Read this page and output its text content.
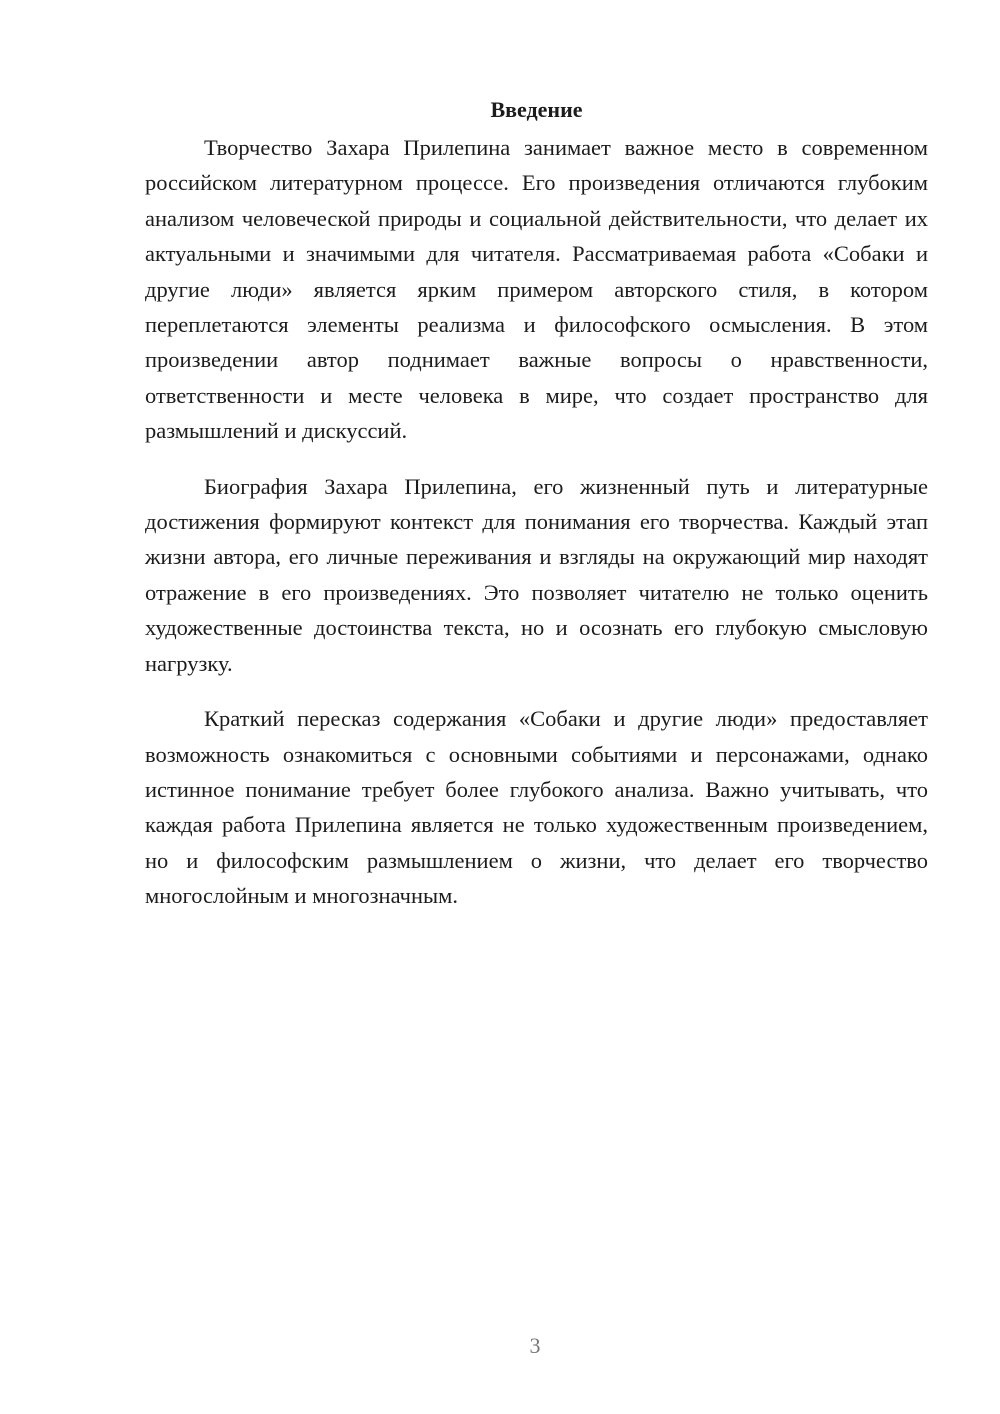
Введение

Творчество Захара Прилепина занимает важное место в современном российском литературном процессе. Его произведения отличаются глубоким анализом человеческой природы и социальной действительности, что делает их актуальными и значимыми для читателя. Рассматриваемая работа «Собаки и другие люди» является ярким примером авторского стиля, в котором переплетаются элементы реализма и философского осмысления. В этом произведении автор поднимает важные вопросы о нравственности, ответственности и месте человека в мире, что создает пространство для размышлений и дискуссий.

Биография Захара Прилепина, его жизненный путь и литературные достижения формируют контекст для понимания его творчества. Каждый этап жизни автора, его личные переживания и взгляды на окружающий мир находят отражение в его произведениях. Это позволяет читателю не только оценить художественные достоинства текста, но и осознать его глубокую смысловую нагрузку.

Краткий пересказ содержания «Собаки и другие люди» предоставляет возможность ознакомиться с основными событиями и персонажами, однако истинное понимание требует более глубокого анализа. Важно учитывать, что каждая работа Прилепина является не только художественным произведением, но и философским размышлением о жизни, что делает его творчество многослойным и многозначным.

3
